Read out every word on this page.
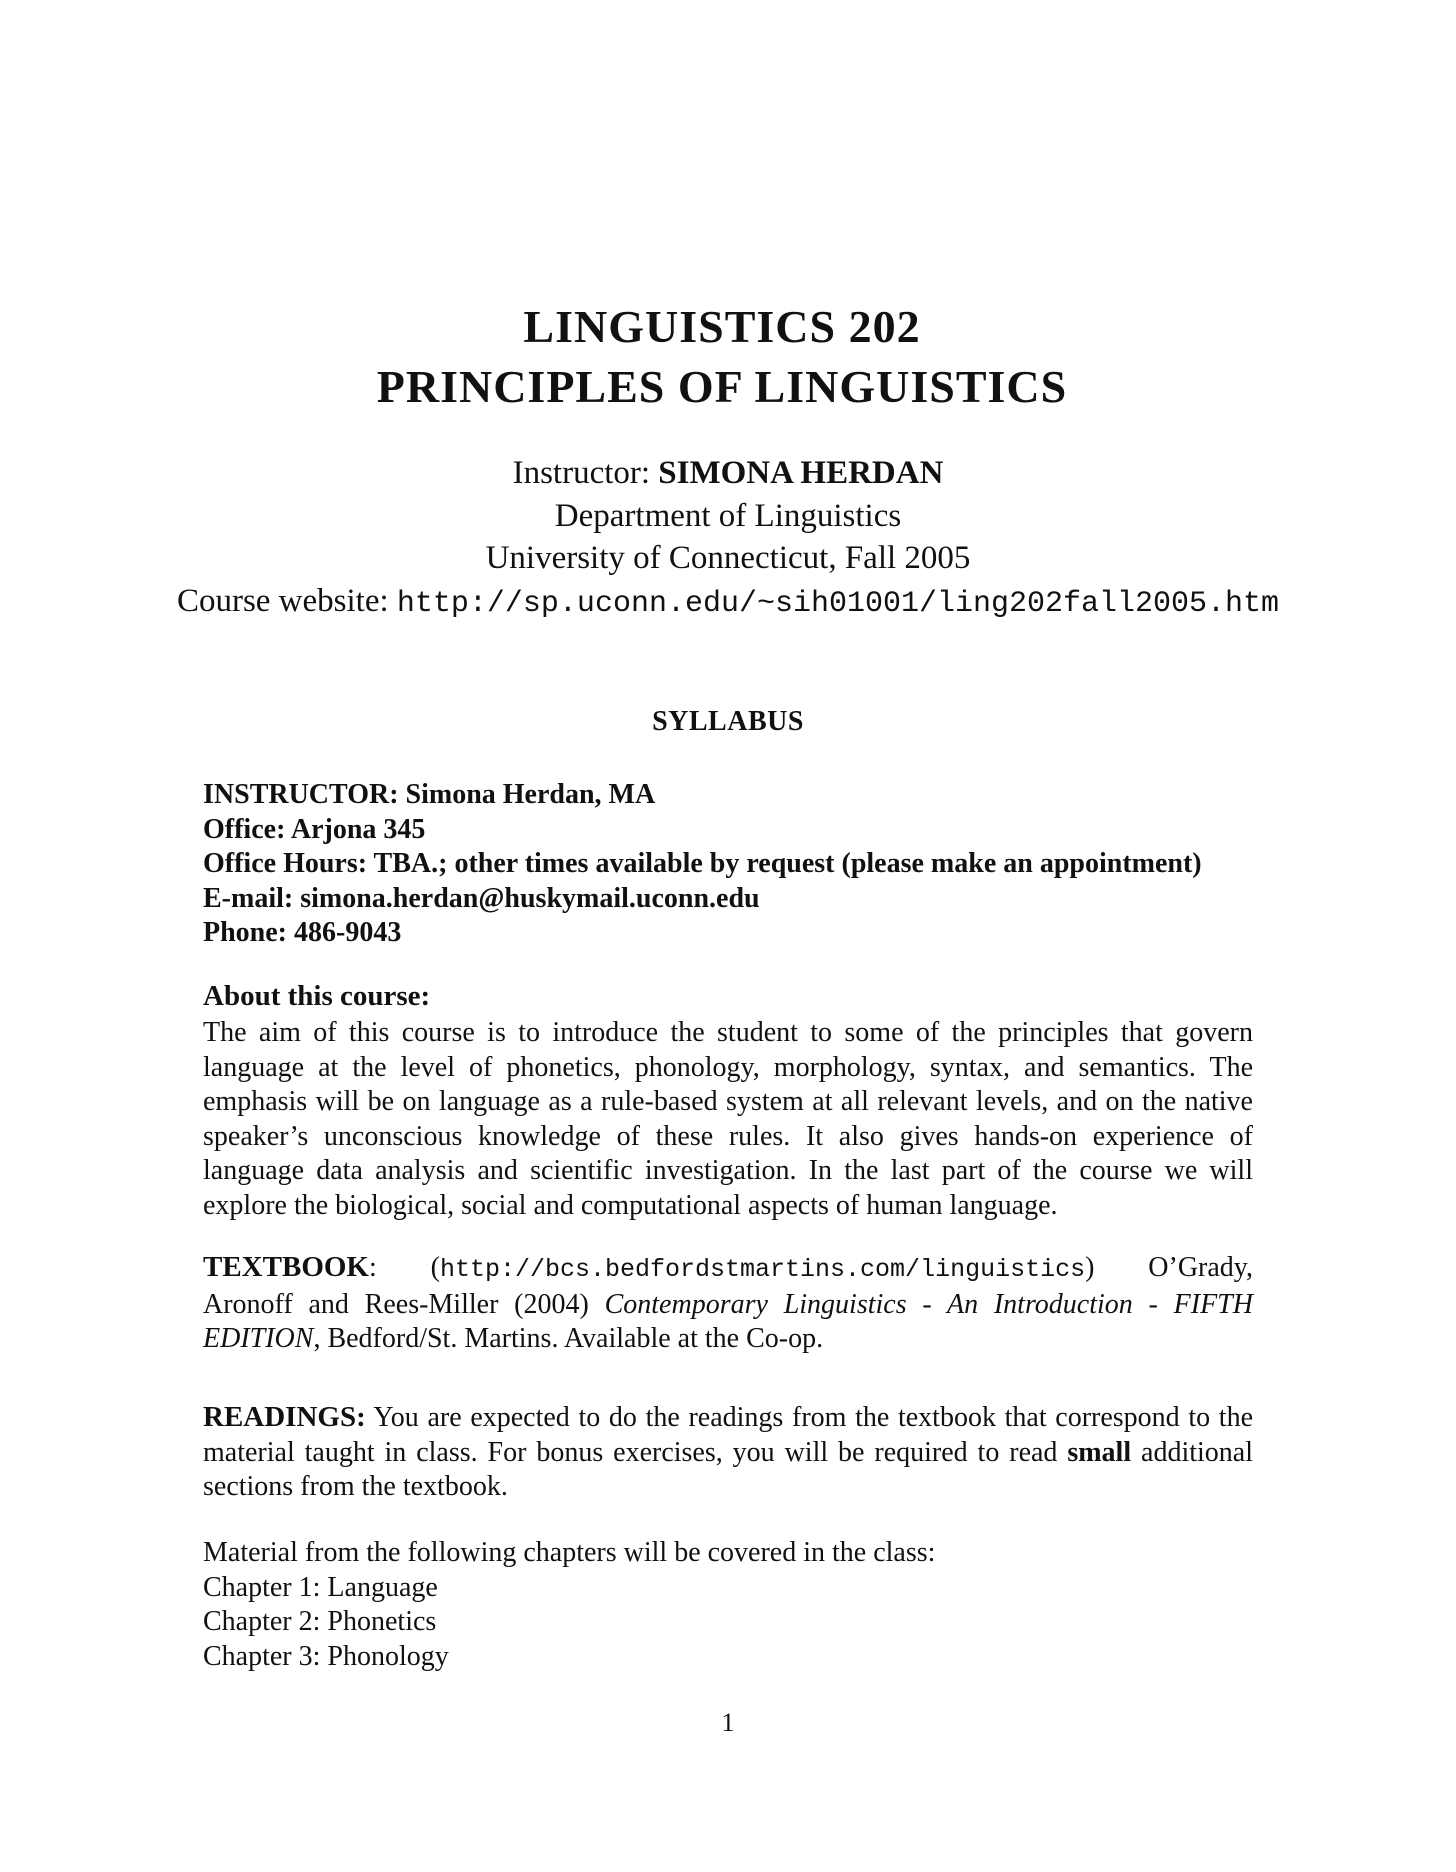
LINGUISTICS 202
PRINCIPLES OF LINGUISTICS
Instructor: SIMONA HERDAN
Department of Linguistics
University of Connecticut, Fall 2005
Course website: http://sp.uconn.edu/~sih01001/ling202fall2005.htm
SYLLABUS
INSTRUCTOR: Simona Herdan, MA
Office: Arjona 345
Office Hours: TBA.; other times available by request (please make an appointment)
E-mail: simona.herdan@huskymail.uconn.edu
Phone: 486-9043
About this course:
The aim of this course is to introduce the student to some of the principles that govern language at the level of phonetics, phonology, morphology, syntax, and semantics. The emphasis will be on language as a rule-based system at all relevant levels, and on the native speaker’s unconscious knowledge of these rules. It also gives hands-on experience of language data analysis and scientific investigation. In the last part of the course we will explore the biological, social and computational aspects of human language.
TEXTBOOK: (http://bcs.bedfordstmartins.com/linguistics) O’Grady, Aronoff and Rees-Miller (2004) Contemporary Linguistics - An Introduction - FIFTH EDITION, Bedford/St. Martins. Available at the Co-op.
READINGS: You are expected to do the readings from the textbook that correspond to the material taught in class. For bonus exercises, you will be required to read small additional sections from the textbook.
Material from the following chapters will be covered in the class:
Chapter 1: Language
Chapter 2: Phonetics
Chapter 3: Phonology
1
